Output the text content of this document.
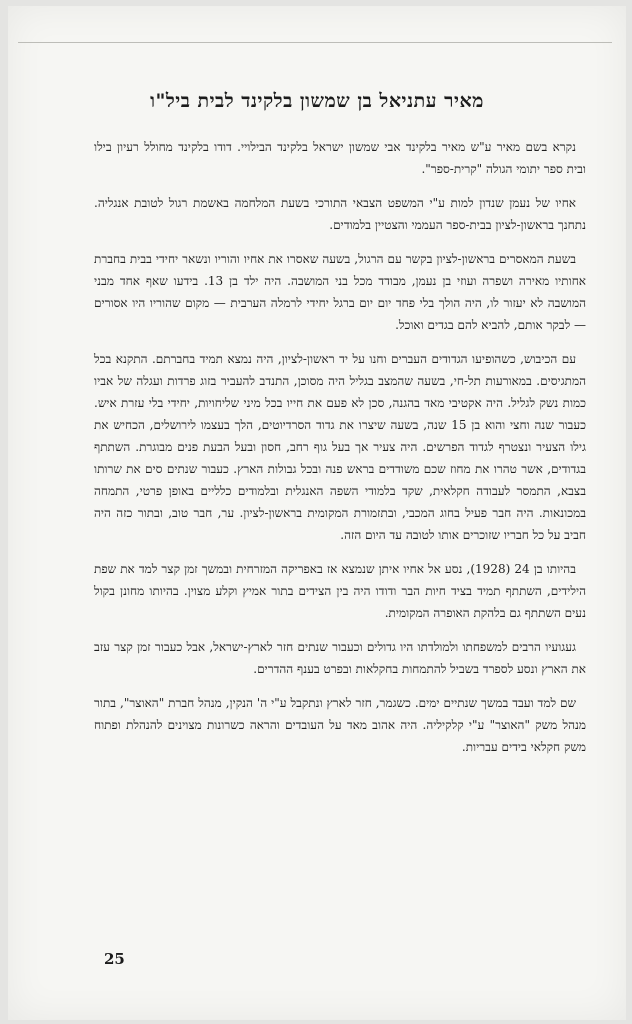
מאיר עתניאל בן שמשון בלקינד לבית ביל"ו

נקרא בשם מאיר ע"ש מאיר בלקינד אבי שמשון ישראל בלקינד הבילויי. דודו בלקינד מחולל רעיון בילו ובית ספר יתומי הגולה "קרית-ספר".

אחיו של נעמן שנדון למות ע"י המשפט הצבאי התורכי בשעת המלחמה באשמת רגול לטובת אנגליה. נתחנך בראשון-לציון בבית-ספר העממי והצטיין בלמודים.

בשעת המאסרים בראשון-לציון בקשר עם הרגול, בשעה שאסרו את אחיו והוריו ונשאר יחידי בבית בחברת אחותיו מאירה ושפרה ועוזי בן נעמן, מבודד מכל בני המושבה. היה ילד בן 13. בידעו שאף אחד מבני המושבה לא יעזור לו, היה הולך בלי פחד יום יום ברגל יחידי לרמלה הערבית — מקום שהוריו היו אסורים — לבקר אותם, להביא להם בגדים ואוכל.

עם הכיבוש, כשהופיעו הגדודים העברים וחנו על יד ראשון-לציון, היה נמצא תמיד בחברתם. התקנא בכל המתגיסים. במאורעות תל-חי, בשעה שהמצב בגליל היה מסוכן, התנדב להעביר בזוג פרדות ועגלה של אביו כמות נשק לגליל. היה אקטיבי מאד בהגנה, סכן לא פעם את חייו בכל מיני שליחויות, יחידי בלי עזרת איש. כעבור שנה וחצי והוא בן 15 שנה, בשעה שיצרו את גדוד הסרדיוטים, הלך בעצמו לירושלים, הכחיש את גילו הצעיר ונצטרף לגדוד הפרשים. היה צעיר אך בעל גוף רחב, חסון ובעל הבעת פנים מבוגרת. השתתף בגדודים, אשר טהרו את מחוז שכם משודדים בראש פנה ובכל גבולות הארץ. כעבור שנתים סים את שרותו בצבא, התמסר לעבודה חקלאית, שקד בלמודי השפה האנגלית ובלמודים כלליים באופן פרטי, התמחה במכונאות. היה חבר פעיל בחוג המכבי, ובתזמורת המקומית בראשון-לציון. ער, חבר טוב, ובתור כזה היה חביב על כל חבריו שזוכרים אותו לטובה עד היום הזה.

בהיותו בן 24 (1928), נסע אל אחיו איתן שנמצא אז באפריקה המזרחית ובמשך זמן קצר למד את שפת הילידים, השתתף תמיד בציד חיות הבר ודודו היה בין הצידים בתור אמיץ וקלע מצוין. בהיותו מחונן בקול נעים השתתף גם בלהקת האופרה המקומית.

געגועיו הרבים למשפחתו ולמולדתו היו גדולים וכעבור שנתים חזר לארץ-ישראל, אבל כעבור זמן קצר עזב את הארץ ונסע לספרד בשביל להתמחות בחקלאות ובפרט בענף ההדרים.

שם למד ועבד במשך שנתיים ימים. כשגמר, חזר לארץ ונתקבל ע"י ה' הנקין, מנהל חברת "האוצר", בתור מנהל משק "האוצר" ע"י קלקיליה. היה אהוב מאד על העובדים והראה כשרונות מצוינים להנהלת ופתוח משק חקלאי בידים עבריות.

25
